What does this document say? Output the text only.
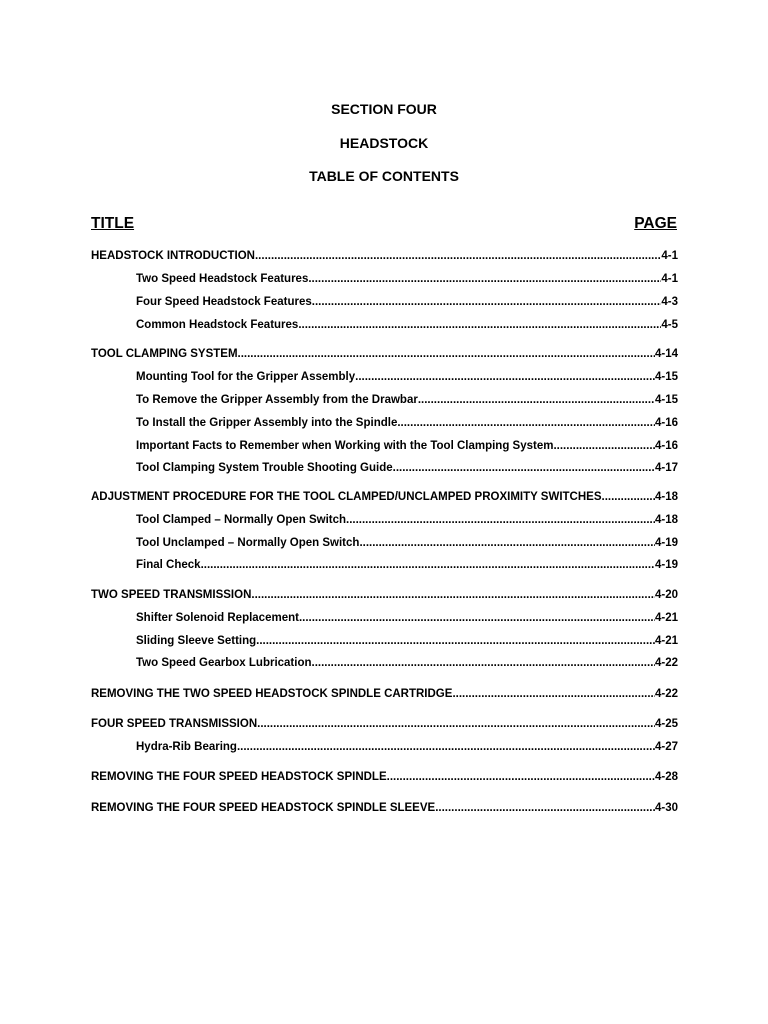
SECTION FOUR
HEADSTOCK
TABLE OF CONTENTS
TITLE	PAGE
HEADSTOCK INTRODUCTION .....	4-1
Two Speed Headstock Features .....	4-1
Four Speed Headstock Features .....	4-3
Common Headstock Features .....	4-5
TOOL CLAMPING SYSTEM .....	4-14
Mounting Tool for the Gripper Assembly .....	4-15
To Remove the Gripper Assembly from the Drawbar .....	4-15
To Install the Gripper Assembly into the Spindle .....	4-16
Important Facts to Remember when Working with the Tool Clamping System .....	4-16
Tool Clamping System Trouble Shooting Guide .....	4-17
ADJUSTMENT PROCEDURE FOR THE TOOL CLAMPED/UNCLAMPED PROXIMITY SWITCHES .....	4-18
Tool Clamped – Normally Open Switch .....	4-18
Tool Unclamped – Normally Open Switch .....	4-19
Final Check .....	4-19
TWO SPEED TRANSMISSION .....	4-20
Shifter Solenoid Replacement .....	4-21
Sliding Sleeve Setting .....	4-21
Two Speed Gearbox Lubrication .....	4-22
REMOVING THE TWO SPEED HEADSTOCK SPINDLE CARTRIDGE .....	4-22
FOUR SPEED TRANSMISSION .....	4-25
Hydra-Rib Bearing .....	4-27
REMOVING THE FOUR SPEED HEADSTOCK SPINDLE .....	4-28
REMOVING THE FOUR SPEED HEADSTOCK SPINDLE SLEEVE .....	4-30
